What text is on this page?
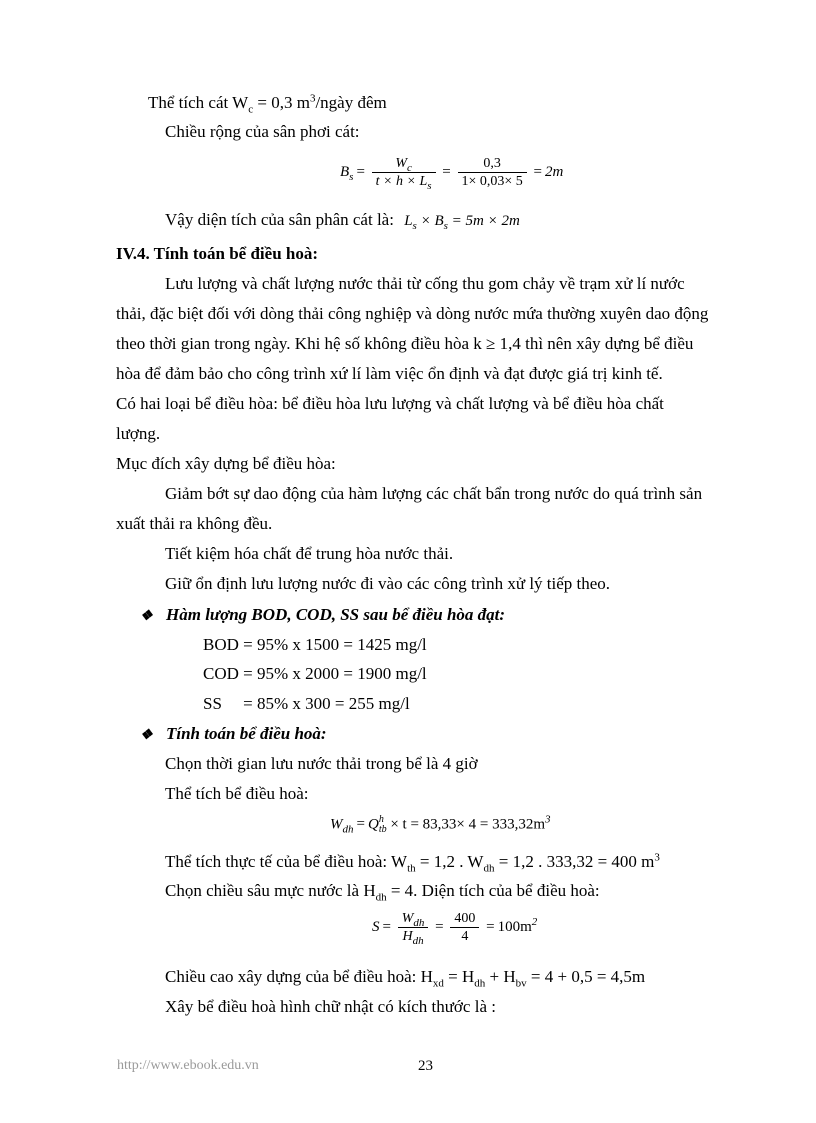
Thể tích cát $W_c = 0,3$ $m^3$/ngày đêm
Chiều rộng của sân phơi cát:
$B_s = \frac{W_c}{t \times h \times L_s} = \frac{0,3}{1\times 0,03\times 5} = 2m$
Vậy diện tích của sân phân cát là: $L_s \times B_s = 5m \times 2m$
IV.4. Tính toán bể điều hoà:
Lưu lượng và chất lượng nước thải từ cống thu gom chảy về trạm xử lí nước
thải, đặc biệt đối với dòng thải công nghiệp và dòng nước mứa thường xuyên dao động
theo thời gian trong ngày. Khi hệ số không điều hòa k ≥ 1,4 thì nên xây dựng bể điều
hòa để đảm bảo cho công trình xứ lí làm việc ổn định và đạt được giá trị kinh tế.
Có hai loại bể điều hòa: bể điều hòa lưu lượng và chất lượng và bể điều hòa chất
lượng.
Mục đích xây dựng bể điều hòa:
Giảm bớt sự dao động của hàm lượng các chất bẩn trong nước do quá trình sản
xuất thải ra không đều.
Tiết kiệm hóa chất để trung hòa nước thải.
Giữ ổn định lưu lượng nước đi vào các công trình xử lý tiếp theo.
❖ Hàm lượng BOD, COD, SS sau bể điều hòa đạt:
BOD = 95% x 1500 = 1425 mg/l
COD = 95% x 2000 = 1900 mg/l
SS     = 85% x 300 = 255 mg/l
❖ Tính toán bể điều hoà:
Chọn thời gian lưu nước thải trong bể là 4 giờ
Thể tích bể điều hoà:
$W_{dh} = Q$ h
tb × $t = 83,33\times 4 = 333,32m^3$
Thể tích thực tế của bể điều hoà: $W_{th} = 1,2$ . $W_{dh} = 1,2$ . 333,32 = 400 $m^3$
Chọn chiều sâu mực nước là $H_{dh} = 4$. Diện tích của bể điều hoà:
$S = \frac{W_{dh}}{H_{dh}} = \frac{400}{4} = 100m^2$
Chiều cao xây dựng của bể điều hoà: $H_{xd} = H_{dh} + H_{bv} = 4 + 0,5 = 4,5m$
Xây bể điều hoà hình chữ nhật có kích thước là :
http://www.ebook.edu.vn	23
